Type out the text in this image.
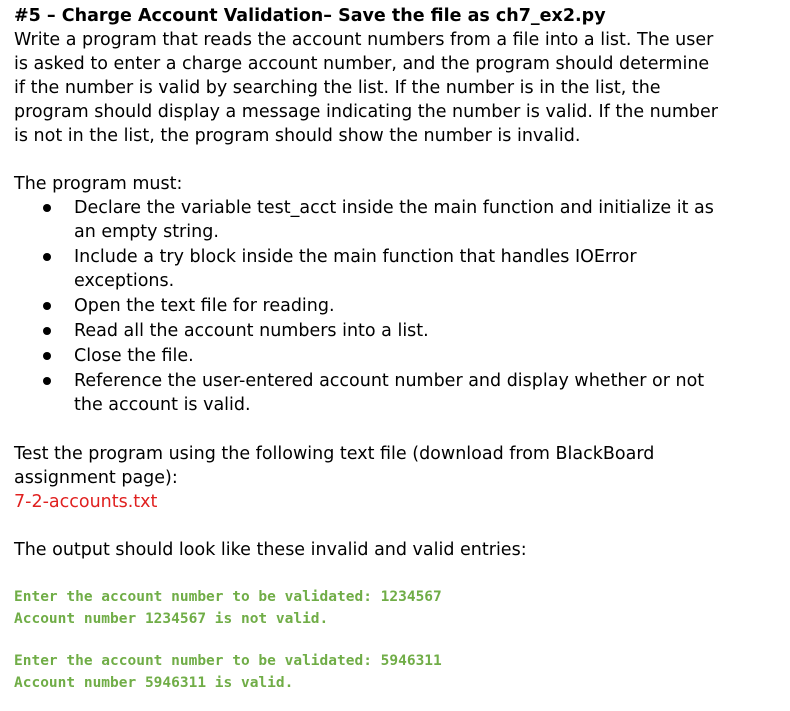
#5 – Charge Account Validation– Save the file as ch7_ex2.py

Write a program that reads the account numbers from a file into a list. The user

is asked to enter a charge account number, and the program should determine

if the number is valid by searching the list. If the number is in the list, the

program should display a message indicating the number is valid. If the number

is not in the list, the program should show the number is invalid.

The program must:

Declare the variable test_acct inside the main function and initialize it as
an empty string.
Include a try block inside the main function that handles IOError
exceptions.
Open the text file for reading.
Read all the account numbers into a list.
Close the file.
Reference the user-entered account number and display whether or not
the account is valid.

Test the program using the following text file (download from BlackBoard

assignment page):

7-2-accounts.txt

The output should look like these invalid and valid entries:

Enter the account number to be validated: 1234567

Account number 1234567 is not valid.

Enter the account number to be validated: 5946311

Account number 5946311 is valid.
